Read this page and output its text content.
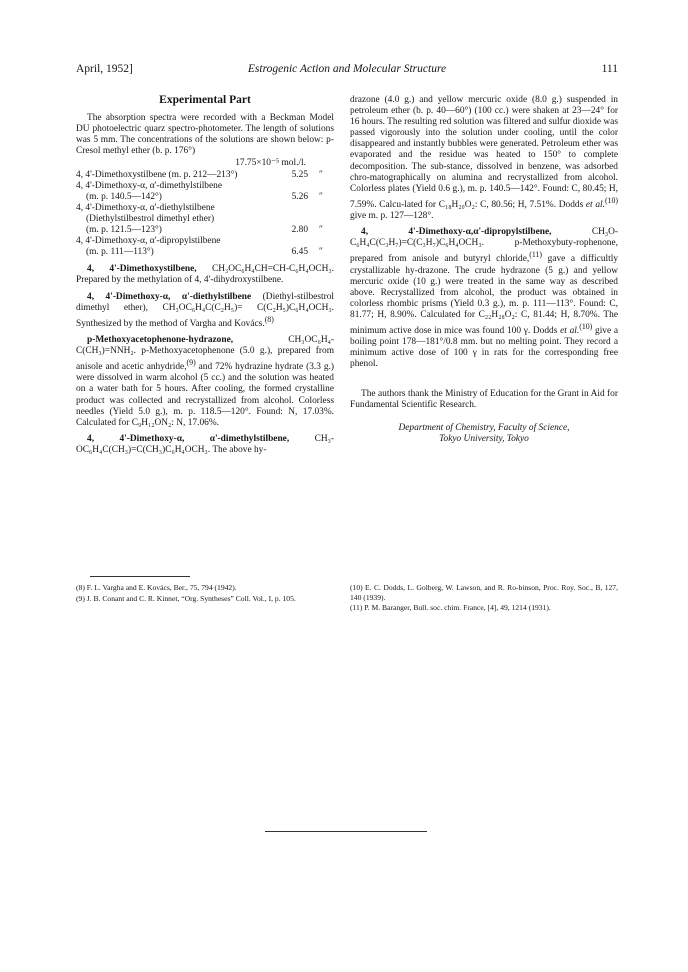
April, 1952]	Estrogenic Action and Molecular Structure	111
Experimental Part

The absorption spectra were recorded with a Beckman Model DU photoelectric quarz spectro-photometer. The length of solutions was 5 mm. The concentrations of the solutions are shown below: p-Cresol methyl ether (b. p. 176°)

17.75×10⁻⁵ mol./l.
4, 4'-Dimethoxystilbene (m. p. 212—213°)	5.25	″
4, 4'-Dimethoxy-α, α'-dimethylstilbene
(m. p. 140.5—142°)	5.26	″
4, 4'-Dimethoxy-α, α'-diethylstilbene
(Diethylstilbestrol dimethyl ether)
(m. p. 121.5—123°)	2.80	″
4, 4'-Dimethoxy-α, α'-dipropylstilbene
(m. p. 111—113°)	6.45	″

4, 4'-Dimethoxystilbene, CH₃OC₆H₄CH=CH-C₆H₄OCH₃. Prepared by the methylation of 4, 4'-dihydroxystilbene.

4, 4'-Dimethoxy-α, α'-diethylstilbene (Diethyl-stilbestrol dimethyl ether), CH₃OC₆H₄C(C₂H₅)= C(C₂H₅)C₆H₄OCH₃. Synthesized by the method of Vargha and Kovács.$^{(8)}$

p-Methoxyacetophenone-hydrazone,	CH₃OC₆H₄-C(CH₃)=NNH₂. p-Methoxyacetophenone (5.0 g.), prepared from anisole and acetic anhydride,$^{(9)}$ and 72% hydrazine hydrate (3.3 g.) were dissolved in warm alcohol (5 cc.) and the solution was heated on a water bath for 5 hours. After cooling, the formed crystalline product was collected and recrystallized from alcohol. Colorless needles (Yield 5.0 g.), m. p. 118.5—120°. Found: N, 17.03%. Calculated for C₉H₁₂ON₂: N, 17.06%.

4, 4'-Dimethoxy-α, α'-dimethylstilbene,	CH₃-OC₆H₄C(CH₃)=C(CH₃)C₆H₄OCH₃. The above hy-

drazone (4.0 g.) and yellow mercuric oxide (8.0 g.) suspended in petroleum ether (b. p. 40—60°) (100 cc.) were shaken at 23—24° for 16 hours. The resulting red solution was filtered and sulfur dioxide was passed vigorously into the solution under cooling, until the color disappeared and instantly bubbles were generated. Petroleum ether was evaporated and the residue was heated to 150° to complete decomposition. The sub-stance, dissolved in benzene, was adsorbed chro-matographically on alumina and recrystallized from alcohol. Colorless plates (Yield 0.6 g.), m. p. 140.5—142°. Found: C, 80.45; H, 7.59%. Calcu-lated for C₁₈H₂₀O₂: C, 80.56; H, 7.51%. Dodds et al.$^{(10)}$ give m. p. 127—128°.

4, 4'-Dimethoxy-α,α'-dipropylstilbene,	CH₃O-C₆H₄C(C₃H₇)=C(C₃H₇)C₆H₄OCH₃. p-Methoxybuty-rophenone, prepared from anisole and butyryl chloride,$^{(11)}$ gave a difficultly crystallizable hy-drazone. The crude hydrazone (5 g.) and yellow mercuric oxide (10 g.) were treated in the same way as described above. Recrystallized from alcohol, the product was obtained in colorless rhombic prisms (Yield 0.3 g.), m. p. 111—113°. Found: C, 81.77; H, 8.90%. Calculated for C₂₂H₂₈O₂: C, 81.44; H, 8.70%. The minimum active dose in mice was found 100 γ. Dodds et al.$^{(10)}$ give a boiling point 178—181°/0.8 mm. but no melting point. They record a minimum active dose of 100 γ in rats for the corresponding free phenol.

The authors thank the Ministry of Education for the Grant in Aid for Fundamental Scientific Research.

Department of Chemistry, Faculty of Science,
Tokyo University, Tokyo

(8) F. L. Vargha and E. Kovács, Ber., 75, 794 (1942).

(9) J. B. Conant and C. R. Kinnet, “Org. Syntheses” Coll. Vol., I, p. 105.

(10) E. C. Dodds, L. Golberg, W. Lawson, and R. Ro-binson, Proc. Roy. Soc., B, 127, 140 (1939).

(11) P. M. Baranger, Bull. soc. chim. France, [4], 49, 1214 (1931).
